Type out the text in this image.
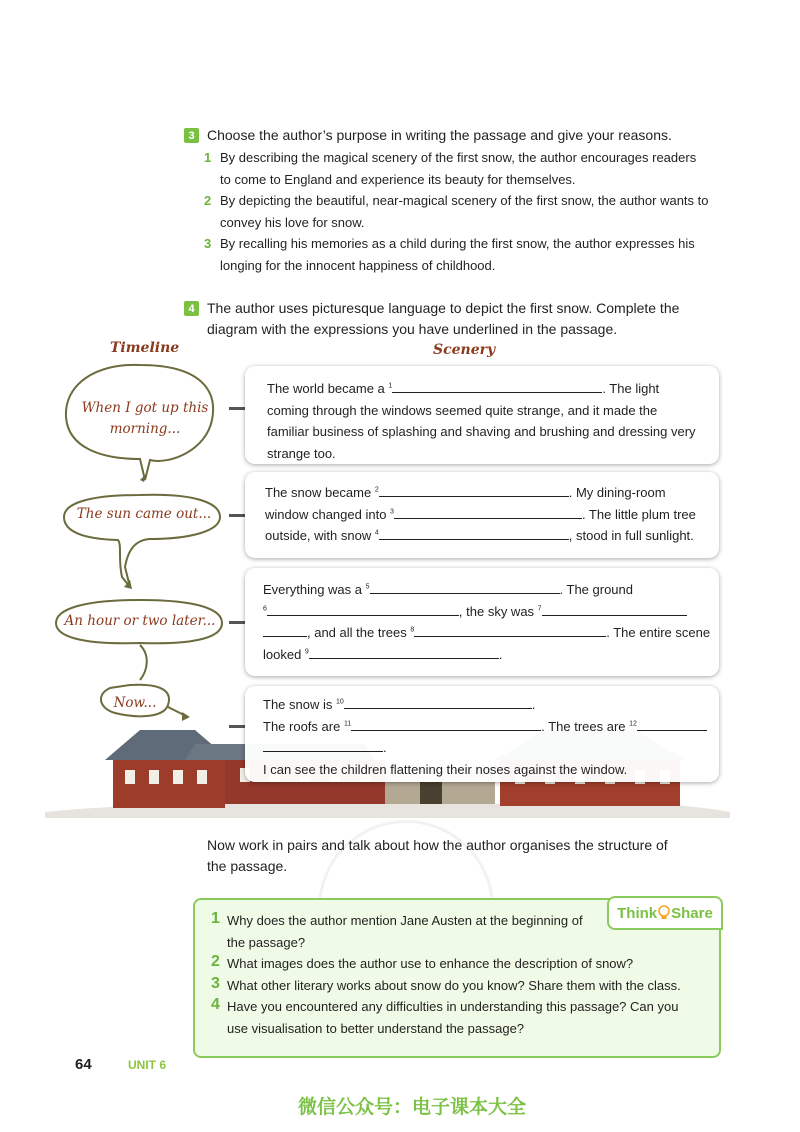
3 Choose the author’s purpose in writing the passage and give your reasons.
1 By describing the magical scenery of the first snow, the author encourages readers
to come to England and experience its beauty for themselves.
2 By depicting the beautiful, near-magical scenery of the first snow, the author wants to
convey his love for snow.
3 By recalling his memories as a child during the first snow, the author expresses his
longing for the innocent happiness of childhood.
4 The author uses picturesque language to depict the first snow. Complete the
diagram with the expressions you have underlined in the passage.
Timeline	Scenery
When I got up this
morning...
The sun came out...
An hour or two later...
Now...
The world became a $^1$	. The light
coming through the windows seemed quite strange, and it made the
familiar business of splashing and shaving and brushing and dressing very
strange too.
The snow became $^2$	. My dining-room
window changed into $^3$	. The little plum tree
outside, with snow $^4$	, stood in full sunlight.
Everything was a $^5$	. The ground
$^6$	, the sky was $^7$
, and all the trees $^8$	. The entire scene
looked $^9$	.
The snow is $^{10}$	.
The roofs are $^{11}$	. The trees are $^{12}$
.
I can see the children flattening their noses against the window.
Now work in pairs and talk about how the author organises the structure of
the passage.
1 Why does the author mention Jane Austen at the beginning of
the passage?
2 What images does the author use to enhance the description of snow?
3 What other literary works about snow do you know? Share them with the class.
4 Have you encountered any difficulties in understanding this passage? Can you
use visualisation to better understand the passage?
Think Share
64	UNIT 6
微信公众号：电子课本大全
